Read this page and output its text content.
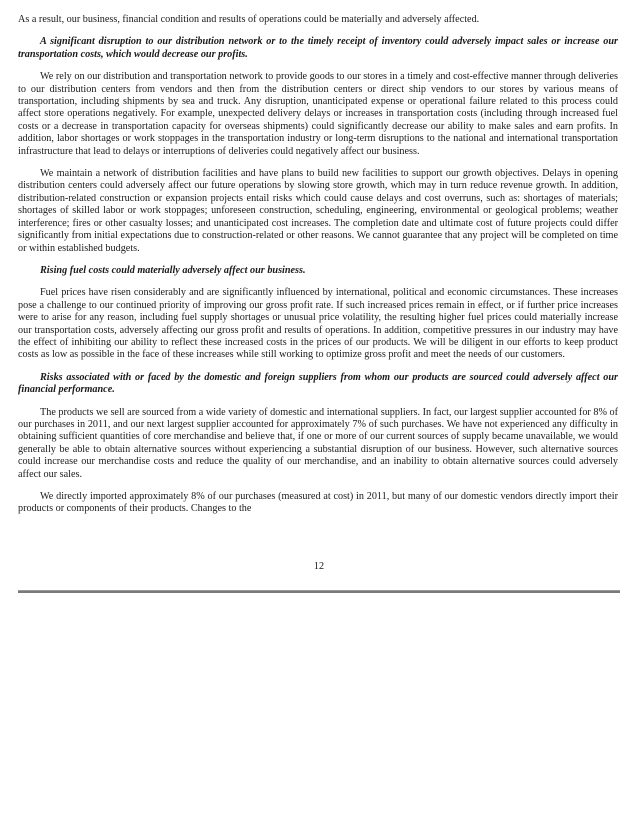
As a result, our business, financial condition and results of operations could be materially and adversely affected.

A significant disruption to our distribution network or to the timely receipt of inventory could adversely impact sales or increase our transportation costs, which would decrease our profits.

We rely on our distribution and transportation network to provide goods to our stores in a timely and cost-effective manner through deliveries to our distribution centers from vendors and then from the distribution centers or direct ship vendors to our stores by various means of transportation, including shipments by sea and truck. Any disruption, unanticipated expense or operational failure related to this process could affect store operations negatively. For example, unexpected delivery delays or increases in transportation costs (including through increased fuel costs or a decrease in transportation capacity for overseas shipments) could significantly decrease our ability to make sales and earn profits. In addition, labor shortages or work stoppages in the transportation industry or long-term disruptions to the national and international transportation infrastructure that lead to delays or interruptions of deliveries could negatively affect our business.

We maintain a network of distribution facilities and have plans to build new facilities to support our growth objectives. Delays in opening distribution centers could adversely affect our future operations by slowing store growth, which may in turn reduce revenue growth. In addition, distribution-related construction or expansion projects entail risks which could cause delays and cost overruns, such as: shortages of materials; shortages of skilled labor or work stoppages; unforeseen construction, scheduling, engineering, environmental or geological problems; weather interference; fires or other casualty losses; and unanticipated cost increases. The completion date and ultimate cost of future projects could differ significantly from initial expectations due to construction-related or other reasons. We cannot guarantee that any project will be completed on time or within established budgets.

Rising fuel costs could materially adversely affect our business.

Fuel prices have risen considerably and are significantly influenced by international, political and economic circumstances. These increases pose a challenge to our continued priority of improving our gross profit rate. If such increased prices remain in effect, or if further price increases were to arise for any reason, including fuel supply shortages or unusual price volatility, the resulting higher fuel prices could materially increase our transportation costs, adversely affecting our gross profit and results of operations. In addition, competitive pressures in our industry may have the effect of inhibiting our ability to reflect these increased costs in the prices of our products. We will be diligent in our efforts to keep product costs as low as possible in the face of these increases while still working to optimize gross profit and meet the needs of our customers.

Risks associated with or faced by the domestic and foreign suppliers from whom our products are sourced could adversely affect our financial performance.

The products we sell are sourced from a wide variety of domestic and international suppliers. In fact, our largest supplier accounted for 8% of our purchases in 2011, and our next largest supplier accounted for approximately 7% of such purchases. We have not experienced any difficulty in obtaining sufficient quantities of core merchandise and believe that, if one or more of our current sources of supply became unavailable, we would generally be able to obtain alternative sources without experiencing a substantial disruption of our business. However, such alternative sources could increase our merchandise costs and reduce the quality of our merchandise, and an inability to obtain alternative sources could adversely affect our sales.

We directly imported approximately 8% of our purchases (measured at cost) in 2011, but many of our domestic vendors directly import their products or components of their products. Changes to the

12
